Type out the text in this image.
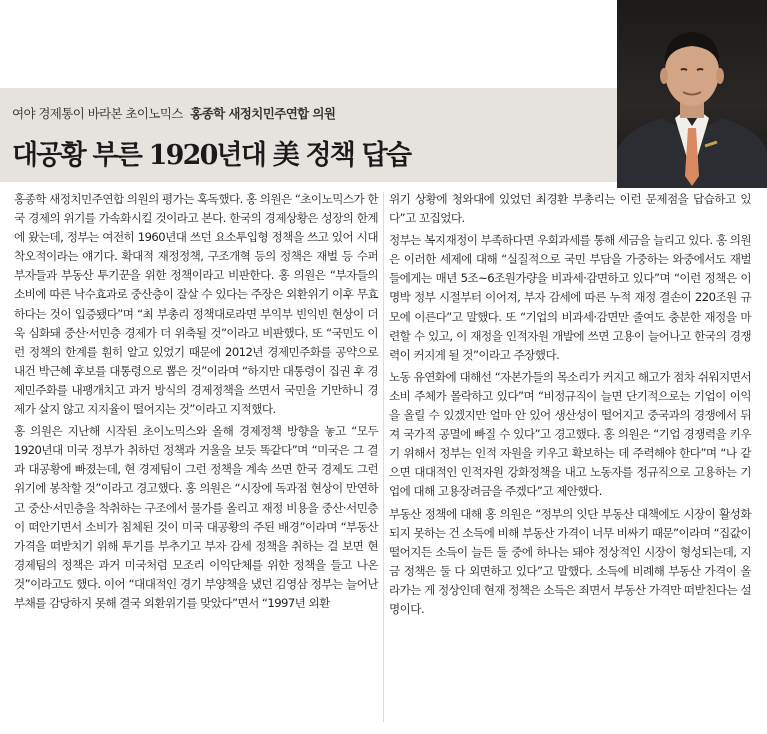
여야 경제통이 바라본 초이노믹스 홍종학 새정치민주연합 의원
대공황 부른 1920년대 美 정책 답습

홍종학 새정치민주연합 의원의 평가는 혹독했다. 홍 의원은 “초이노믹스가 한국 경제의 위기를 가속화시킬 것이라고 본다. 한국의 경제상황은 성장의 한계에 왔는데, 정부는 여전히 1960년대 쓰던 요소투입형 정책을 쓰고 있어 시대착오적이라는 얘기다. 확대적 재정정책, 구조개혁 등의 정책은 재벌 등 수퍼부자들과 부동산 투기꾼을 위한 정책이라고 비판한다. 홍 의원은 “부자들의 소비에 따른 낙수효과로 중산층이 잘살 수 있다는 주장은 외환위기 이후 무효하다는 것이 입증됐다”며 “최 부총리 정책대로라면 부익부 빈익빈 현상이 더욱 심화돼 중산·서민층 경제가 더 위축될 것”이라고 비판했다. 또 “국민도 이런 정책의 한계를 훤히 알고 있었기 때문에 2012년 경제민주화를 공약으로 내건 박근혜 후보를 대통령으로 뽑은 것”이라며 “하지만 대통령이 집권 후 경제민주화를 내팽개치고 과거 방식의 경제정책을 쓰면서 국민을 기만하니 경제가 살지 않고 지지율이 떨어지는 것”이라고 지적했다.

홍 의원은 지난해 시작된 초이노믹스와 올해 경제정책 방향을 놓고 “모두 1920년대 미국 정부가 취하던 정책과 거울을 보듯 똑같다”며 “미국은 그 결과 대공황에 빠졌는데, 현 경제팀이 그런 정책을 계속 쓰면 한국 경제도 그런 위기에 봉착할 것”이라고 경고했다. 홍 의원은 “시장에 독과점 현상이 만연하고 중산·서민층을 착취하는 구조에서 물가를 올리고 재정 비용을 중산·서민층이 떠안기면서 소비가 침체된 것이 미국 대공황의 주된 배경”이라며 “부동산 가격을 떠받치기 위해 투기를 부추기고 부자 감세 정책을 취하는 걸 보면 현 경제팀의 정책은 과거 미국처럼 모조리 이익단체를 위한 정책을 들고 나온 것”이라고도 했다. 이어 “대대적인 경기 부양책을 냈던 김영삼 정부는 늘어난 부채를 감당하지 못해 결국 외환위기를 맞았다”면서 “1997년 외환

위기 상황에 청와대에 있었던 최경환 부총리는 이런 문제점을 답습하고 있다”고 꼬집었다.

정부는 복지재정이 부족하다면 우회과세를 통해 세금을 늘리고 있다. 홍 의원은 이러한 세제에 대해 “실질적으로 국민 부담을 가중하는 와중에서도 재벌들에게는 매년 5조~6조원가량을 비과세·감면하고 있다”며 “이런 정책은 이명박 정부 시절부터 이어져, 부자 감세에 따른 누적 재정 결손이 220조원 규모에 이른다”고 말했다. 또 “기업의 비과세·감면만 줄여도 충분한 재정을 마련할 수 있고, 이 재정을 인적자원 개발에 쓰면 고용이 늘어나고 한국의 경쟁력이 커지게 될 것”이라고 주장했다.

노동 유연화에 대해선 “자본가들의 목소리가 커지고 해고가 점차 쉬워지면서 소비 주체가 몰락하고 있다”며 “비정규직이 늘면 단기적으로는 기업이 이익을 올릴 수 있겠지만 얼마 안 있어 생산성이 떨어지고 중국과의 경쟁에서 뒤져 국가적 공멸에 빠질 수 있다”고 경고했다. 홍 의원은 “기업 경쟁력을 키우기 위해서 정부는 인적 자원을 키우고 확보하는 데 주력해야 한다”며 “나 같으면 대대적인 인적자원 강화정책을 내고 노동자를 정규직으로 고용하는 기업에 대해 고용장려금을 주겠다”고 제안했다.

부동산 정책에 대해 홍 의원은 “정부의 잇단 부동산 대책에도 시장이 활성화되지 못하는 건 소득에 비해 부동산 가격이 너무 비싸기 때문”이라며 “집값이 떨어지든 소득이 늘든 둘 중에 하나는 돼야 정상적인 시장이 형성되는데, 지금 정책은 둘 다 외면하고 있다”고 말했다. 소득에 비례해 부동산 가격이 올라가는 게 정상인데 현재 정책은 소득은 죄면서 부동산 가격만 떠받친다는 설명이다.
